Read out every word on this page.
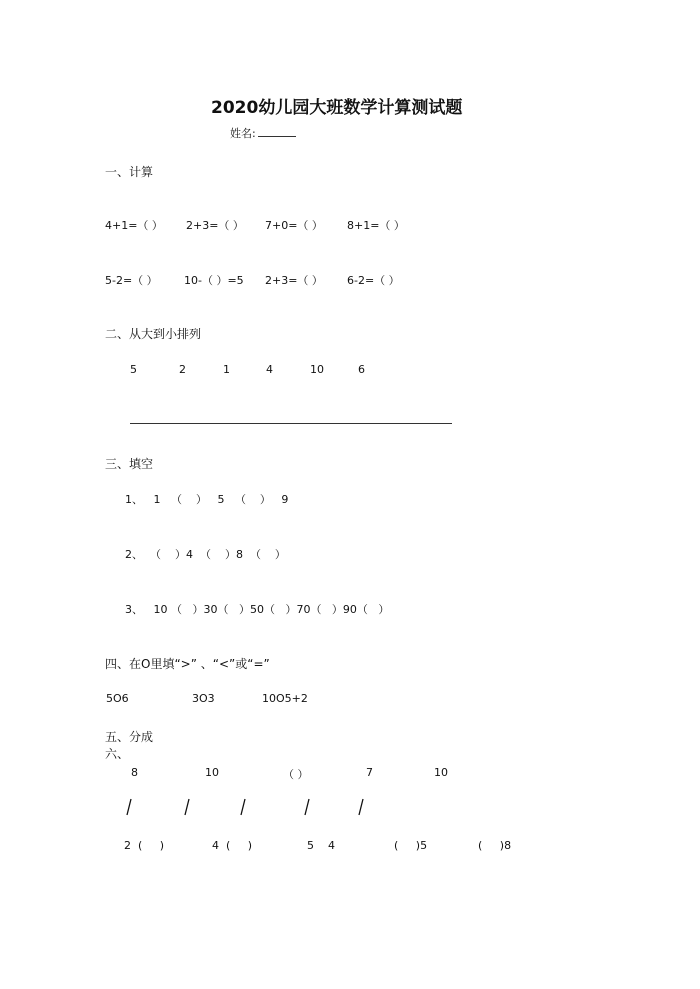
2020幼儿园大班数学计算测试题
姓名:
一、计算
4+1=（ ） 2+3=（ ） 7+0=（ ） 8+1=（ ）
5-2=（ ） 10-（ ）=5 2+3=（ ） 6-2=（ ）
二、从大到小排列
5	2	1	4	10	6
三、填空
1、   1   （    ）   5   （    ）   9
2、  （    ）4  （    ）8  （    ）
3、   10 （   ）30（   ）50（   ）70（   ）90（   ）
四、在O里填“>” 、“<”或“=”
5O6	3O3	10O5+2
五、分成
六、
8	10	（ ）	7	10
2  (     )	4  (     )	5    4	(     )5	(     )8
